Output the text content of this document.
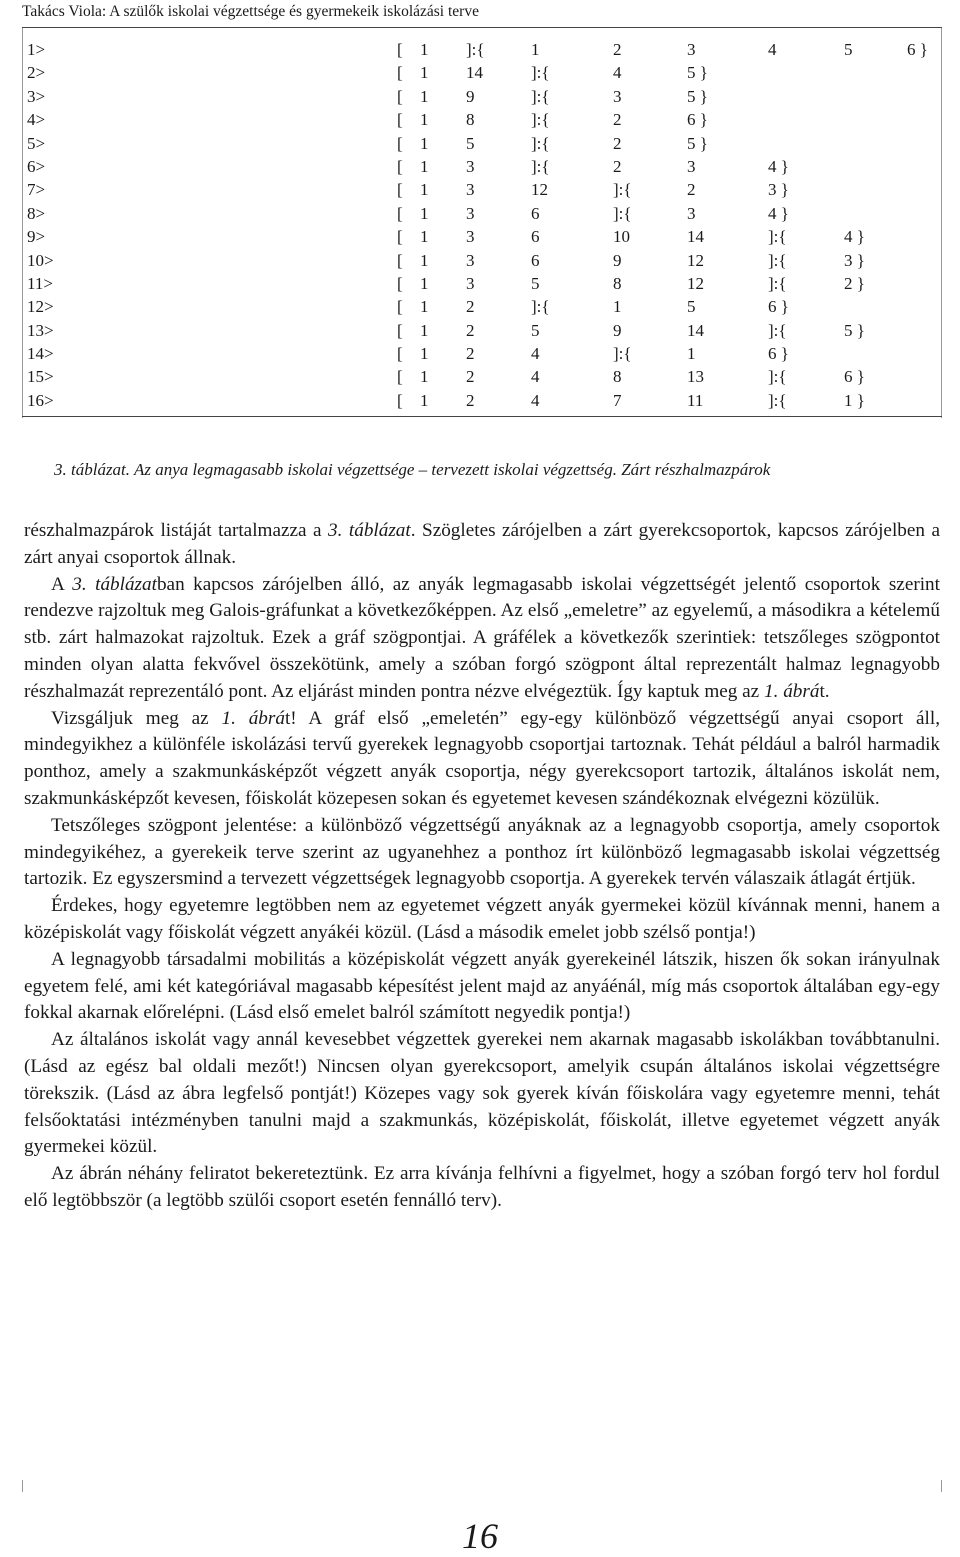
Takács Viola: A szülők iskolai végzettsége és gyermekeik iskolázási terve
1>	[ 1 ]:{	1	2	3	4	5	6 }
2>	[ 1 14	]:{	4	5 }
3>	[ 1 9	]:{	3	5 }
4>	[ 1 8	]:{	2	6 }
5>	[ 1 5	]:{	2	5 }
6>	[ 1 3	]:{	2	3	4 }
7>	[ 1 3	12	]:{	2	3 }
8>	[ 1 3	6	]:{	3	4 }
9>	[ 1 3	6	10	14	]:{	4 }
10>	[ 1 3	6	9	12	]:{	3 }
11>	[ 1 3	5	8	12	]:{	2 }
12>	[ 1 2	]:{	1	5	6 }
13>	[ 1 2	5	9	14	]:{	5 }
14>	[ 1 2	4	]:{	1	6 }
15>	[ 1 2	4	8	13	]:{	6 }
16>	[ 1 2	4	7	11	]:{	1 }
3. táblázat. Az anya legmagasabb iskolai végzettsége – tervezett iskolai végzettség. Zárt részhalmazpárok

részhalmazpárok listáját tartalmazza a 3. táblázat. Szögletes zárójelben a zárt gyerekcsoportok, kapcsos zárójelben a zárt anyai csoportok állnak.

A 3. táblázatban kapcsos zárójelben álló, az anyák legmagasabb iskolai végzettségét jelentő csoportok szerint rendezve rajzoltuk meg Galois-gráfunkat a következőképpen. Az első „emeletre” az egyelemű, a másodikra a kételemű stb. zárt halmazokat rajzoltuk. Ezek a gráf szögpontjai. A gráfélek a következők szerintiek: tetszőleges szögpontot minden olyan alatta fekvővel összekötünk, amely a szóban forgó szögpont által reprezentált halmaz legnagyobb részhalmazát reprezentáló pont. Az eljárást minden pontra nézve elvégeztük. Így kaptuk meg az 1. ábrát.

Vizsgáljuk meg az 1. ábrát! A gráf első „emeletén” egy-egy különböző végzettségű anyai csoport áll, mindegyikhez a különféle iskolázási tervű gyerekek legnagyobb csoportjai tartoznak. Tehát például a balról harmadik ponthoz, amely a szakmunkásképzőt végzett anyák csoportja, négy gyerekcsoport tartozik, általános iskolát nem, szakmunkásképzőt kevesen, főiskolát közepesen sokan és egyetemet kevesen szándékoznak elvégezni közülük.

Tetszőleges szögpont jelentése: a különböző végzettségű anyáknak az a legnagyobb csoportja, amely csoportok mindegyikéhez, a gyerekeik terve szerint az ugyanehhez a ponthoz írt különböző legmagasabb iskolai végzettség tartozik. Ez egyszersmind a tervezett végzettségek legnagyobb csoportja. A gyerekek tervén válaszaik átlagát értjük.

Érdekes, hogy egyetemre legtöbben nem az egyetemet végzett anyák gyermekei közül kívánnak menni, hanem a középiskolát vagy főiskolát végzett anyákéi közül. (Lásd a második emelet jobb szélső pontja!)

A legnagyobb társadalmi mobilitás a középiskolát végzett anyák gyerekeinél látszik, hiszen ők sokan irányulnak egyetem felé, ami két kategóriával magasabb képesítést jelent majd az anyáénál, míg más csoportok általában egy-egy fokkal akarnak előrelépni. (Lásd első emelet balról számított negyedik pontja!)

Az általános iskolát vagy annál kevesebbet végzettek gyerekei nem akarnak magasabb iskolákban továbbtanulni. (Lásd az egész bal oldali mezőt!) Nincsen olyan gyerekcsoport, amelyik csupán általános iskolai végzettségre törekszik. (Lásd az ábra legfelső pontját!) Közepes vagy sok gyerek kíván főiskolára vagy egyetemre menni, tehát felsőoktatási intézményben tanulni majd a szakmunkás, középiskolát, főiskolát, illetve egyetemet végzett anyák gyermekei közül.

Az ábrán néhány feliratot bekereteztünk. Ez arra kívánja felhívni a figyelmet, hogy a szóban forgó terv hol fordul elő legtöbbször (a legtöbb szülői csoport esetén fennálló terv).

16
